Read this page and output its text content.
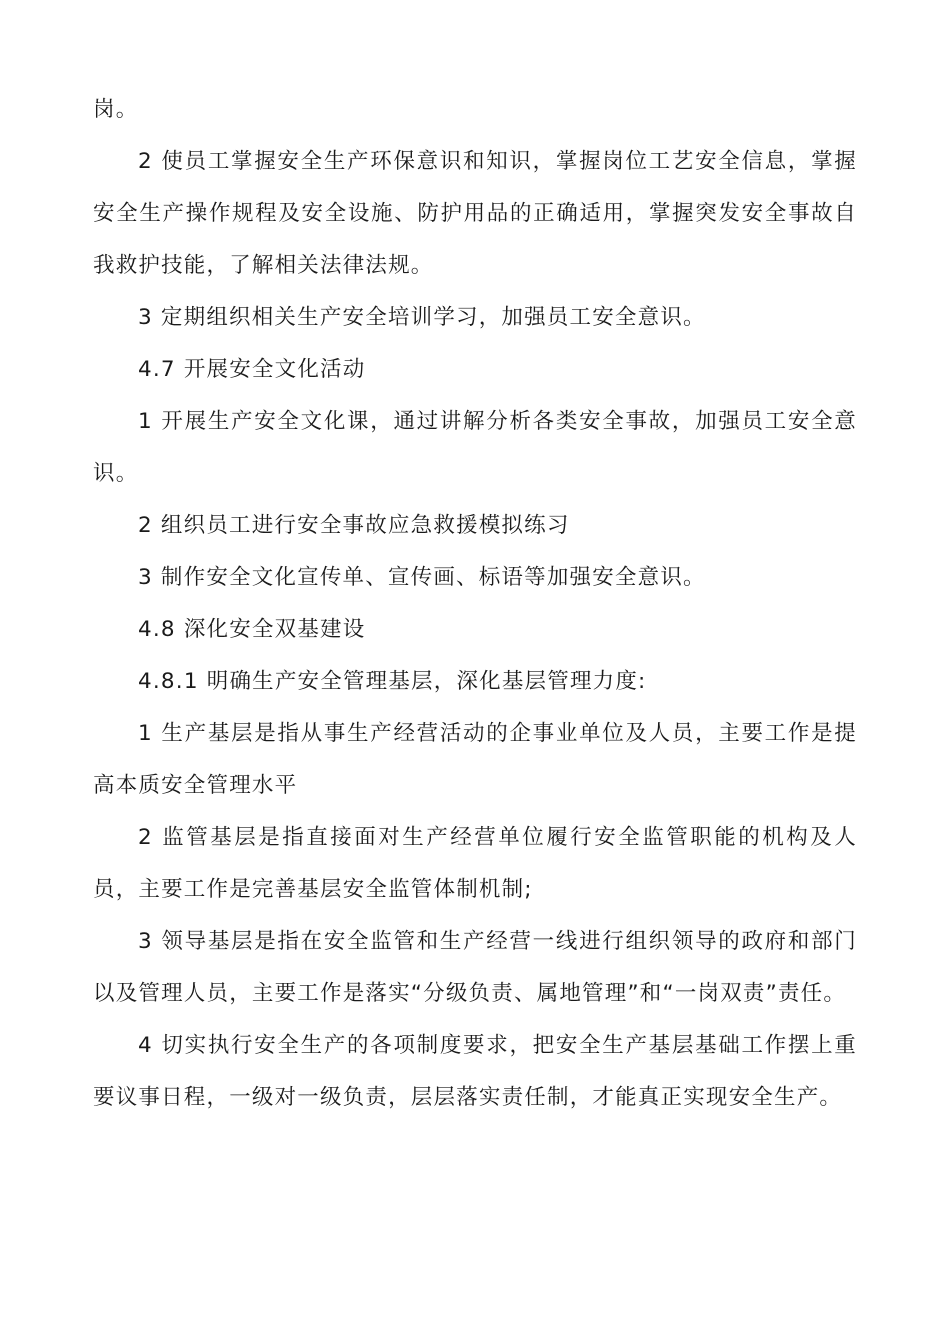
岗。

2 使员工掌握安全生产环保意识和知识，掌握岗位工艺安全信息，掌握安全生产操作规程及安全设施、防护用品的正确适用，掌握突发安全事故自我救护技能，了解相关法律法规。

3 定期组织相关生产安全培训学习，加强员工安全意识。

4.7 开展安全文化活动

1 开展生产安全文化课，通过讲解分析各类安全事故，加强员工安全意识。

2 组织员工进行安全事故应急救援模拟练习

3 制作安全文化宣传单、宣传画、标语等加强安全意识。

4.8 深化安全双基建设

4.8.1 明确生产安全管理基层，深化基层管理力度:

1 生产基层是指从事生产经营活动的企事业单位及人员，主要工作是提高本质安全管理水平

2 监管基层是指直接面对生产经营单位履行安全监管职能的机构及人员，主要工作是完善基层安全监管体制机制;

3 领导基层是指在安全监管和生产经营一线进行组织领导的政府和部门以及管理人员，主要工作是落实“分级负责、属地管理”和“一岗双责”责任。

4 切实执行安全生产的各项制度要求，把安全生产基层基础工作摆上重要议事日程，一级对一级负责，层层落实责任制，才能真正实现安全生产。
